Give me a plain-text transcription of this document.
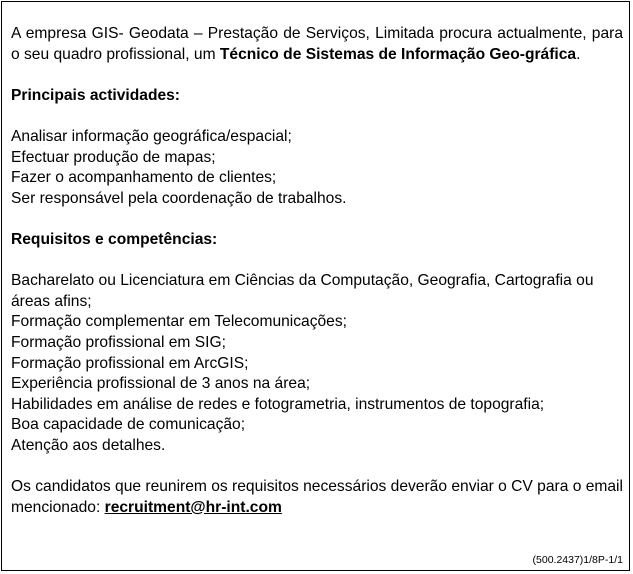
A empresa GIS- Geodata – Prestação de Serviços, Limitada procura actualmente, para o seu quadro profissional, um Técnico de Sistemas de Informação Geo-gráfica.

Principais actividades:

Analisar informação geográfica/espacial;

Efectuar produção de mapas;

Fazer o acompanhamento de clientes;

Ser responsável pela coordenação de trabalhos.

Requisitos e competências:

Bacharelato ou Licenciatura em Ciências da Computação, Geografia, Cartografia ou áreas afins;

Formação complementar em Telecomunicações;

Formação profissional em SIG;

Formação profissional em ArcGIS;

Experiência profissional de 3 anos na área;

Habilidades em análise de redes e fotogrametria, instrumentos de topografia;

Boa capacidade de comunicação;

Atenção aos detalhes.

Os candidatos que reunirem os requisitos necessários deverão enviar o CV para o email mencionado: recruitment@hr-int.com

(500.2437)1/8P-1/1
